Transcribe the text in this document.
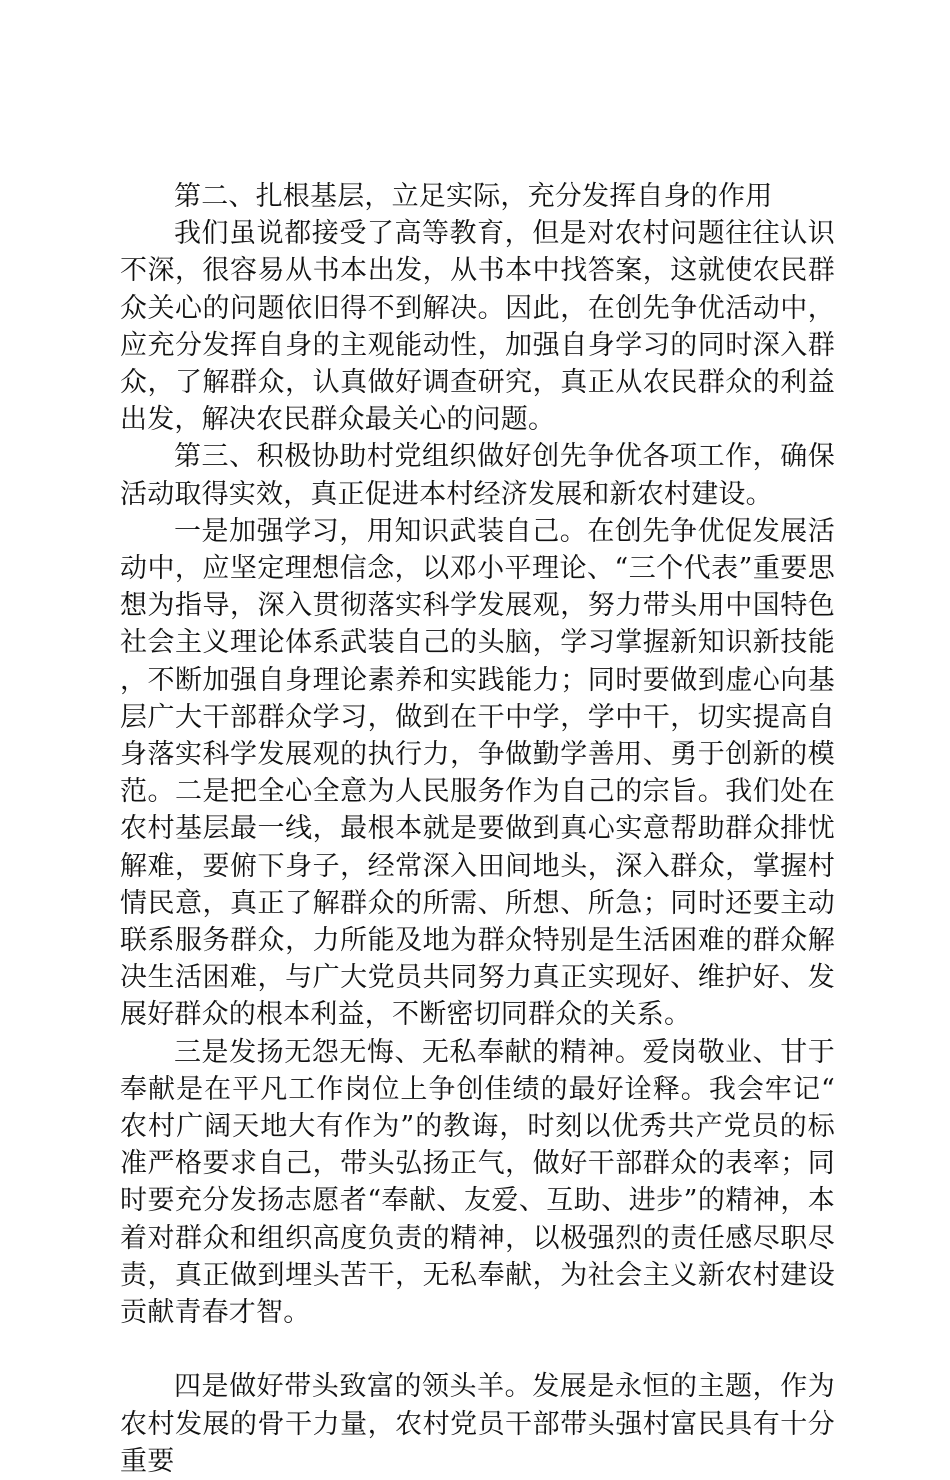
第二、扎根基层，立足实际，充分发挥自身的作用

我们虽说都接受了高等教育，但是对农村问题往往认识不深，很容易从书本出发，从书本中找答案，这就使农民群众关心的问题依旧得不到解决。因此，在创先争优活动中，应充分发挥自身的主观能动性，加强自身学习的同时深入群众，了解群众，认真做好调查研究，真正从农民群众的利益出发，解决农民群众最关心的问题。

第三、积极协助村党组织做好创先争优各项工作，确保活动取得实效，真正促进本村经济发展和新农村建设。

一是加强学习，用知识武装自己。在创先争优促发展活动中，应坚定理想信念，以邓小平理论、“三个代表”重要思想为指导，深入贯彻落实科学发展观，努力带头用中国特色社会主义理论体系武装自己的头脑，学习掌握新知识新技能，不断加强自身理论素养和实践能力；同时要做到虚心向基层广大干部群众学习，做到在干中学，学中干，切实提高自身落实科学发展观的执行力，争做勤学善用、勇于创新的模范。二是把全心全意为人民服务作为自己的宗旨。我们处在农村基层最一线，最根本就是要做到真心实意帮助群众排忧解难，要俯下身子，经常深入田间地头，深入群众，掌握村情民意，真正了解群众的所需、所想、所急；同时还要主动联系服务群众，力所能及地为群众特别是生活困难的群众解决生活困难，与广大党员共同努力真正实现好、维护好、发展好群众的根本利益，不断密切同群众的关系。

三是发扬无怨无悔、无私奉献的精神。爱岗敬业、甘于奉献是在平凡工作岗位上争创佳绩的最好诠释。我会牢记“农村广阔天地大有作为”的教诲，时刻以优秀共产党员的标准严格要求自己，带头弘扬正气，做好干部群众的表率；同时要充分发扬志愿者“奉献、友爱、互助、进步”的精神，本着对群众和组织高度负责的精神，以极强烈的责任感尽职尽责，真正做到埋头苦干，无私奉献，为社会主义新农村建设贡献青春才智。

四是做好带头致富的领头羊。发展是永恒的主题，作为农村发展的骨干力量，农村党员干部带头强村富民具有十分重要
